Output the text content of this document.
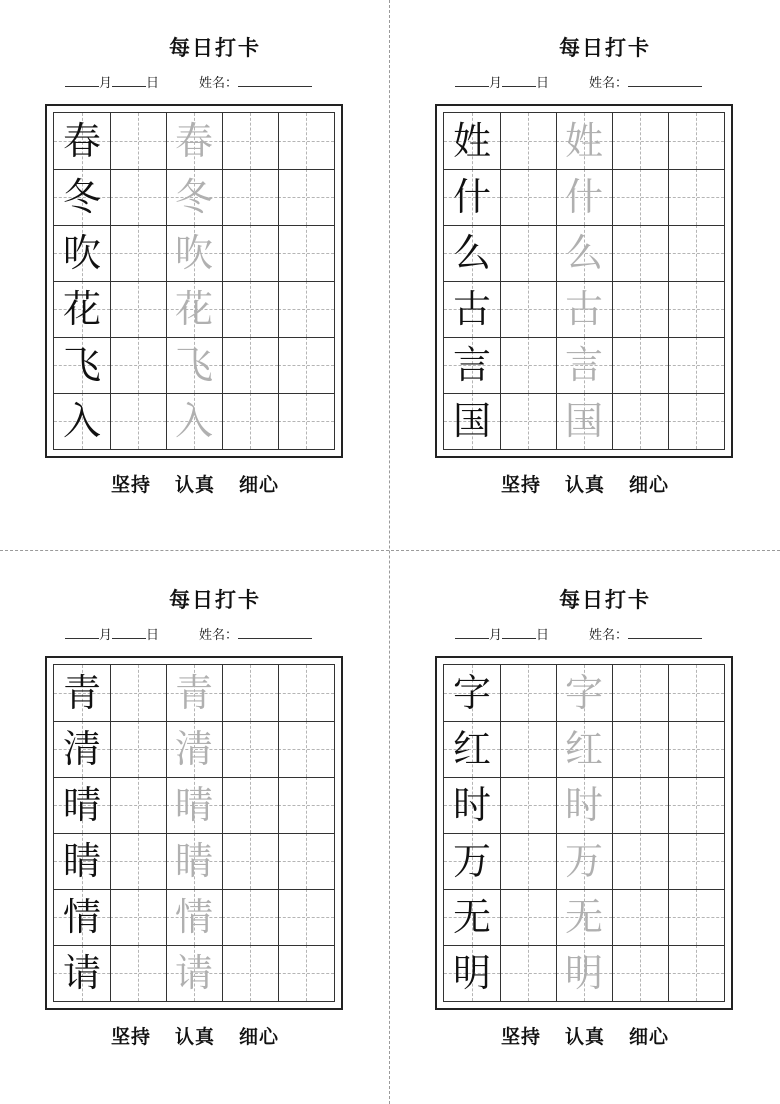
每日打卡
月	日	姓名：
春 春
冬 冬
吹 吹
花 花
飞 飞
入 入
坚持 认真 细心
每日打卡
月	日	姓名：
姓 姓
什 什
么 么
古 古
言 言
国 国
坚持 认真 细心
每日打卡
月	日	姓名：
青 青
清 清
晴 晴
睛 睛
情 情
请 请
坚持 认真 细心
每日打卡
月	日	姓名：
字 字
红 红
时 时
万 万
无 无
明 明
坚持 认真 细心
